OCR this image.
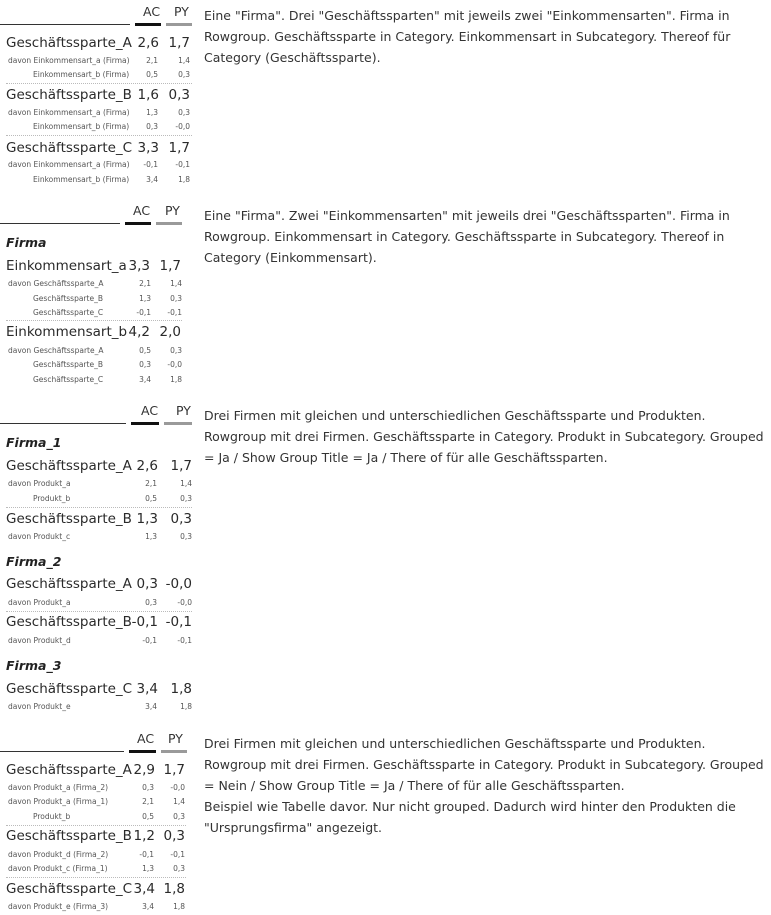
AC PY
Geschäftssparte_A 2,6 1,7
davon Einkommensart_a (Firma)	2,1	1,4
Einkommensart_b (Firma)	0,5	0,3
Geschäftssparte_B 1,6 0,3
davon Einkommensart_a (Firma)	1,3	0,3
Einkommensart_b (Firma)	0,3	-0,0
Geschäftssparte_C 3,3 1,7
davon Einkommensart_a (Firma)	-0,1	-0,1
Einkommensart_b (Firma)	3,4	1,8

Eine "Firma". Drei "Geschäftssparten" mit jeweils zwei "Einkommensarten". Firma in Rowgroup. Geschäftssparte in Category. Einkommensart in Subcategory. Thereof für Category (Geschäftssparte).

AC PY
Firma
Einkommensart_a 3,3 1,7
davon Geschäftssparte_A	2,1	1,4
Geschäftssparte_B	1,3	0,3
Geschäftssparte_C	-0,1	-0,1
Einkommensart_b 4,2 2,0
davon Geschäftssparte_A	0,5	0,3
Geschäftssparte_B	0,3	-0,0
Geschäftssparte_C	3,4	1,8

Eine "Firma". Zwei "Einkommensarten" mit jeweils drei "Geschäftssparten". Firma in Rowgroup. Einkommensart in Category. Geschäftssparte in Subcategory. Thereof in Category (Einkommensart).

AC PY
Firma_1
Geschäftssparte_A 2,6 1,7
davon Produkt_a	2,1	1,4
Produkt_b	0,5	0,3
Geschäftssparte_B 1,3 0,3
davon Produkt_c	1,3	0,3
Firma_2
Geschäftssparte_A 0,3 -0,0
davon Produkt_a	0,3	-0,0
Geschäftssparte_B -0,1 -0,1
davon Produkt_d	-0,1	-0,1
Firma_3
Geschäftssparte_C 3,4 1,8
davon Produkt_e	3,4	1,8

Drei Firmen mit gleichen und unterschiedlichen Geschäftssparte und Produkten. Rowgroup mit drei Firmen. Geschäftssparte in Category. Produkt in Subcategory. Grouped = Ja / Show Group Title = Ja / There of für alle Geschäftssparten.

AC PY
Geschäftssparte_A 2,9 1,7
davon Produkt_a (Firma_2)	0,3	-0,0
davon Produkt_a (Firma_1)	2,1	1,4
Produkt_b	0,5	0,3
Geschäftssparte_B 1,2 0,3
davon Produkt_d (Firma_2)	-0,1	-0,1
davon Produkt_c (Firma_1)	1,3	0,3
Geschäftssparte_C 3,4 1,8
davon Produkt_e (Firma_3)	3,4	1,8

Drei Firmen mit gleichen und unterschiedlichen Geschäftssparte und Produkten. Rowgroup mit drei Firmen. Geschäftssparte in Category. Produkt in Subcategory. Grouped = Nein / Show Group Title = Ja / There of für alle Geschäftssparten.

Beispiel wie Tabelle davor. Nur nicht grouped. Dadurch wird hinter den Produkten die "Ursprungsfirma" angezeigt.
